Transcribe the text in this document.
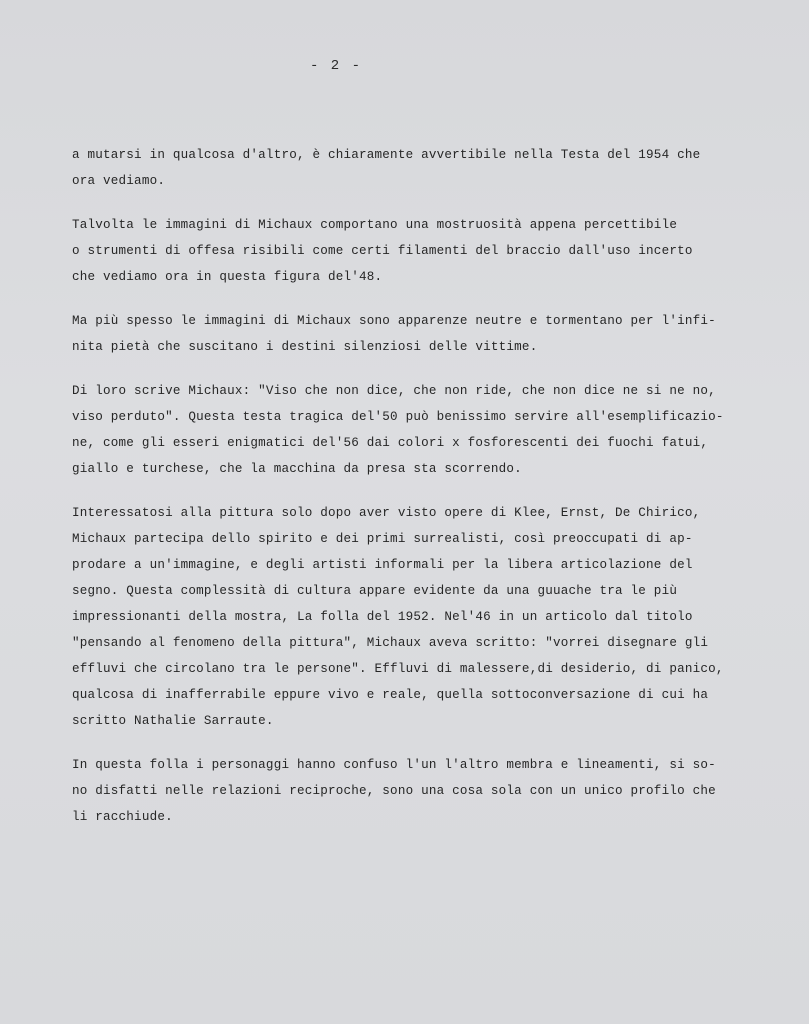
- 2 -
a mutarsi in qualcosa d'altro, è chiaramente avvertibile nella Testa del 1954 che
ora vediamo.
Talvolta le immagini di Michaux comportano una mostruosità appena percettibile
o strumenti di offesa risibili come certi filamenti del braccio dall'uso incerto
che vediamo ora in questa figura del'48.
Ma più spesso le immagini di Michaux sono apparenze neutre e tormentano per l'infi-
nita pietà che suscitano i destini silenziosi delle vittime.
Di loro scrive Michaux: "Viso che non dice, che non ride, che non dice ne si ne no,
viso perduto". Questa testa tragica del'50 può benissimo servire all'esemplificazio-
ne, come gli esseri enigmatici del'56 dai colori x fosforescenti dei fuochi fatui,
giallo e turchese, che la macchina da presa sta scorrendo.
Interessatosi alla pittura solo dopo aver visto opere di Klee, Ernst, De Chirico,
Michaux partecipa dello spirito e dei primi surrealisti, così preoccupati di ap-
prodare a un'immagine, e degli artisti informali per la libera articolazione del
segno. Questa complessità di cultura appare evidente da una guuache tra le più
impressionanti della mostra, La folla del 1952. Nel'46 in un articolo dal titolo
"pensando al fenomeno della pittura", Michaux aveva scritto: "vorrei disegnare gli
effluvi che circolano tra le persone". Effluvi di malessere,di desiderio, di panico,
qualcosa di inafferrabile eppure vivo e reale, quella sottoconversazione di cui ha
scritto Nathalie Sarraute.
In questa folla i personaggi hanno confuso l'un l'altro membra e lineamenti, si so-
no disfatti nelle relazioni reciproche, sono una cosa sola con un unico profilo che
li racchiude.
